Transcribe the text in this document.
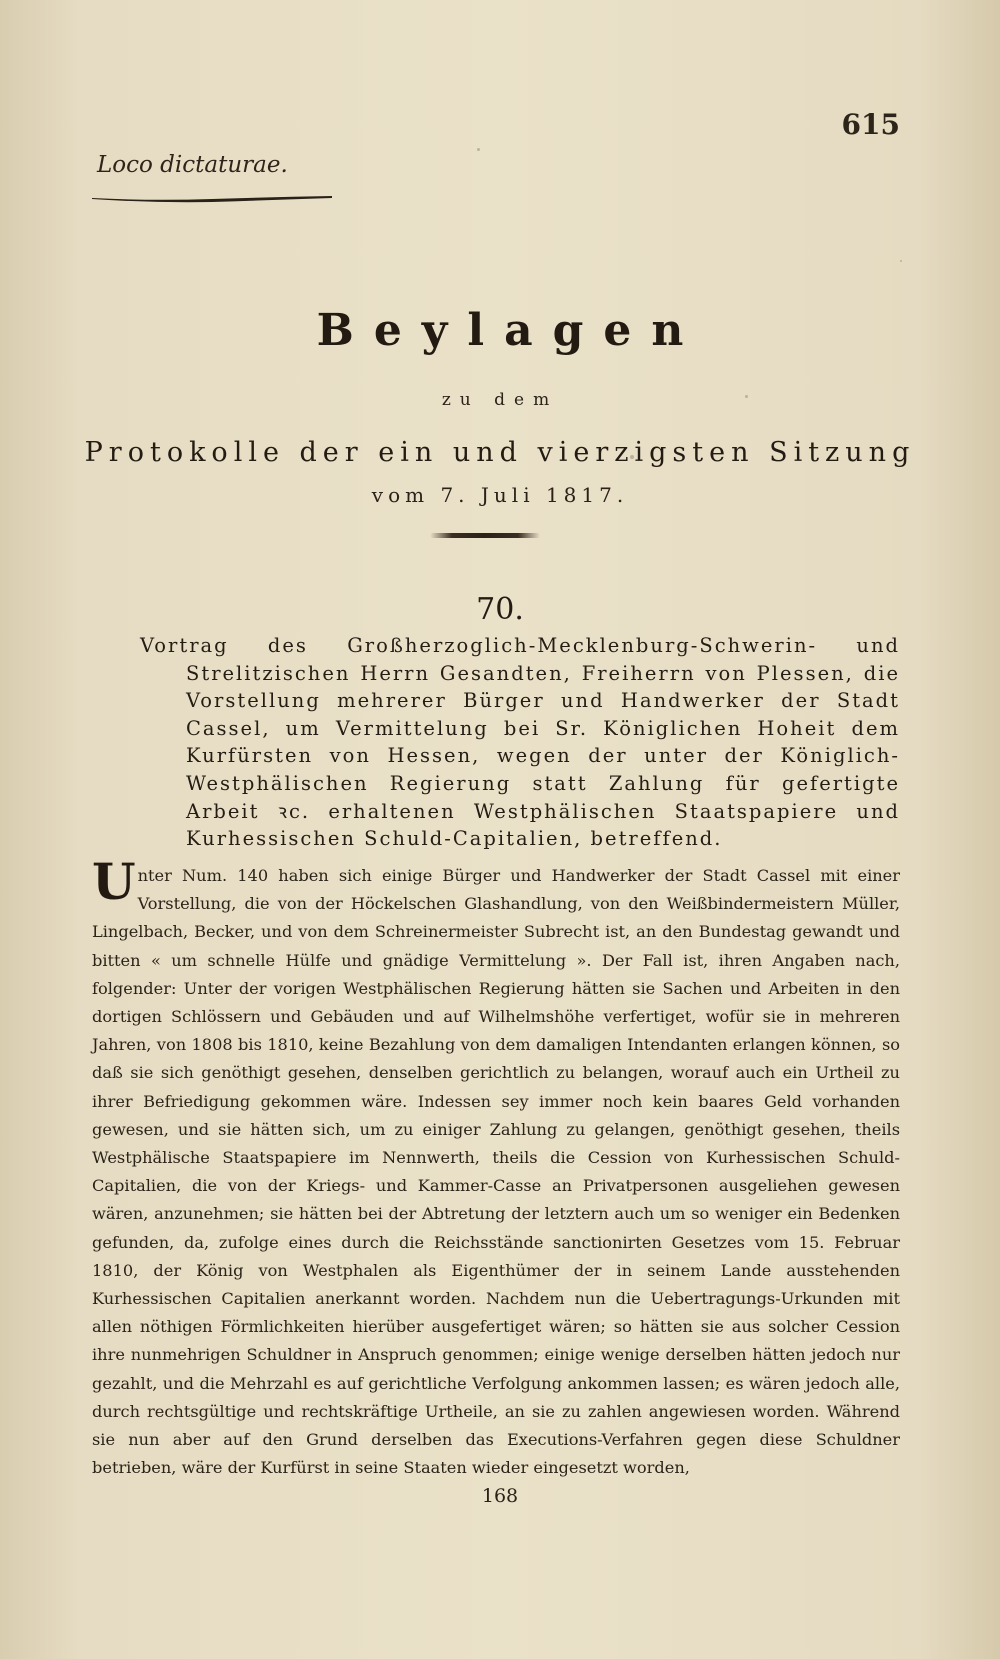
615
Loco dictaturae.
Beylagen
zu dem
Protokolle der ein und vierzigsten Sitzung
vom 7. Juli 1817.
70.
Vortrag des Großherzoglich-Mecklenburg-Schwerin- und Strelitzischen Herrn Gesandten, Freiherrn von Plessen, die Vorstellung mehrerer Bürger und Handwerker der Stadt Cassel, um Vermittelung bei Sr. Königlichen Hoheit dem Kurfürsten von Hessen, wegen der unter der Königlich-Westphälischen Regierung statt Zahlung für gefertigte Arbeit ꝛc. erhaltenen Westphälischen Staatspapiere und Kurhessischen Schuld-Capitalien, betreffend.
Unter Num. 140 haben sich einige Bürger und Handwerker der Stadt Cassel mit einer Vorstellung, die von der Höckelschen Glashandlung, von den Weißbindermeistern Müller, Lingelbach, Becker, und von dem Schreinermeister Subrecht ist, an den Bundestag gewandt und bitten « um schnelle Hülfe und gnädige Vermittelung ». Der Fall ist, ihren Angaben nach, folgender: Unter der vorigen Westphälischen Regierung hätten sie Sachen und Arbeiten in den dortigen Schlössern und Gebäuden und auf Wilhelmshöhe verfertiget, wofür sie in mehreren Jahren, von 1808 bis 1810, keine Bezahlung von dem damaligen Intendanten erlangen können, so daß sie sich genöthigt gesehen, denselben gerichtlich zu belangen, worauf auch ein Urtheil zu ihrer Befriedigung gekommen wäre. Indessen sey immer noch kein baares Geld vorhanden gewesen, und sie hätten sich, um zu einiger Zahlung zu gelangen, genöthigt gesehen, theils Westphälische Staatspapiere im Nennwerth, theils die Cession von Kurhessischen Schuld-Capitalien, die von der Kriegs- und Kammer-Casse an Privatpersonen ausgeliehen gewesen wären, anzunehmen; sie hätten bei der Abtretung der letztern auch um so weniger ein Bedenken gefunden, da, zufolge eines durch die Reichsstände sanctionirten Gesetzes vom 15. Februar 1810, der König von Westphalen als Eigenthümer der in seinem Lande ausstehenden Kurhessischen Capitalien anerkannt worden. Nachdem nun die Uebertragungs-Urkunden mit allen nöthigen Förmlichkeiten hierüber ausgefertiget wären; so hätten sie aus solcher Cession ihre nunmehrigen Schuldner in Anspruch genommen; einige wenige derselben hätten jedoch nur gezahlt, und die Mehrzahl es auf gerichtliche Verfolgung ankommen lassen; es wären jedoch alle, durch rechtsgültige und rechtskräftige Urtheile, an sie zu zahlen angewiesen worden. Während sie nun aber auf den Grund derselben das Executions-Verfahren gegen diese Schuldner betrieben, wäre der Kurfürst in seine Staaten wieder eingesetzt worden,
168
